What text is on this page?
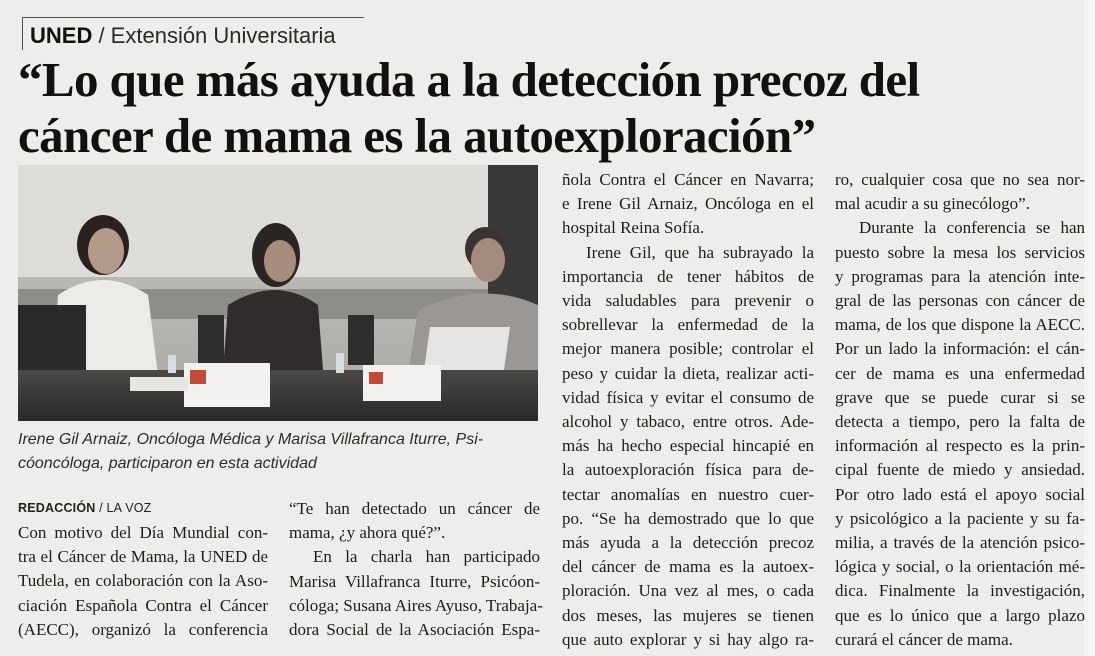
UNED / Extensión Universitaria
“Lo que más ayuda a la detección precoz del
cáncer de mama es la autoexploración”

Irene Gil Arnaiz, Oncóloga Médica y Marisa Villafranca Iturre, Psi-
cóoncóloga, participaron en esta actividad

REDACCIÓN / LA VOZ
Con motivo del Día Mundial con-
tra el Cáncer de Mama, la UNED de
Tudela, en colaboración con la Aso-
ciación Española Contra el Cáncer
(AECC), organizó la conferencia
“Te han detectado un cáncer de
mama, ¿y ahora qué?”.
En la charla han participado
Marisa Villafranca Iturre, Psicóon-
cóloga; Susana Aires Ayuso, Trabaja-
dora Social de la Asociación Espa-
ñola Contra el Cáncer en Navarra;
e Irene Gil Arnaiz, Oncóloga en el
hospital Reina Sofía.
Irene Gil, que ha subrayado la
importancia de tener hábitos de
vida saludables para prevenir o
sobrellevar la enfermedad de la
mejor manera posible; controlar el
peso y cuidar la dieta, realizar acti-
vidad física y evitar el consumo de
alcohol y tabaco, entre otros. Ade-
más ha hecho especial hincapié en
la autoexploración física para de-
tectar anomalías en nuestro cuer-
po. “Se ha demostrado que lo que
más ayuda a la detección precoz
del cáncer de mama es la autoex-
ploración. Una vez al mes, o cada
dos meses, las mujeres se tienen
que auto explorar y si hay algo ra-
ro, cualquier cosa que no sea nor-
mal acudir a su ginecólogo”.
Durante la conferencia se han
puesto sobre la mesa los servicios
y programas para la atención inte-
gral de las personas con cáncer de
mama, de los que dispone la AECC.
Por un lado la información: el cán-
cer de mama es una enfermedad
grave que se puede curar si se
detecta a tiempo, pero la falta de
información al respecto es la prin-
cipal fuente de miedo y ansiedad.
Por otro lado está el apoyo social
y psicológico a la paciente y su fa-
milia, a través de la atención psico-
lógica y social, o la orientación mé-
dica. Finalmente la investigación,
que es lo único que a largo plazo
curará el cáncer de mama.
